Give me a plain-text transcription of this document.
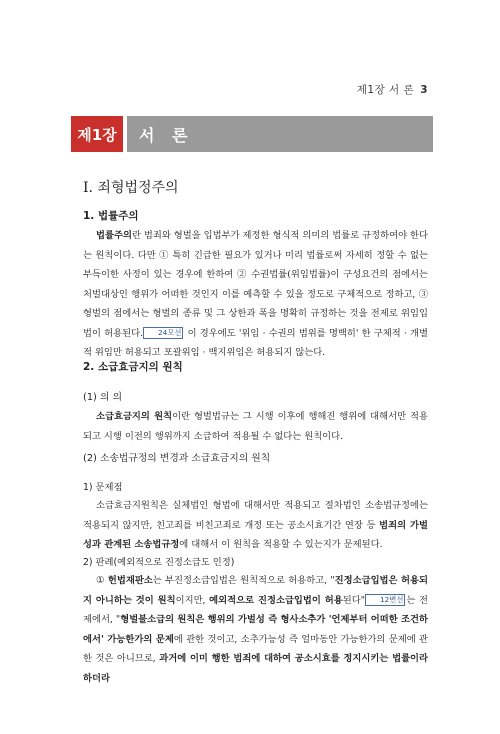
제1장 서 론 3
제1장	서 론
Ⅰ. 죄형법정주의
1. 법률주의

법률주의란 범죄와 형벌을 입법부가 제정한 형식적 의미의 법률로 규정하여야 한다는 원칙이다. 다만 ① 특히 긴급한 필요가 있거나 미리 법률로써 자세히 정할 수 없는 부득이한 사정이 있는 경우에 한하여 ② 수권법률(위임법률)이 구성요건의 점에서는 처벌대상인 행위가 어떠한 것인지 이를 예측할 수 있을 정도로 구체적으로 정하고, ③ 형벌의 점에서는 형벌의 종류 및 그 상한과 폭을 명확히 규정하는 것을 전제로 위임입법이 허용된다. 24모선 이 경우에도 '위임 · 수권의 범위를 명백히' 한 구체적 · 개별적 위임만 허용되고 포괄위임 · 백지위임은 허용되지 않는다.

2. 소급효금지의 원칙
(1) 의 의

소급효금지의 원칙이란 형벌법규는 그 시행 이후에 행해진 행위에 대해서만 적용되고 시행 이전의 행위까지 소급하여 적용될 수 없다는 원칙이다.

(2) 소송법규정의 변경과 소급효금지의 원칙
1) 문제점

소급효금지원칙은 실체법인 형법에 대해서만 적용되고 절차법인 소송법규정에는 적용되지 않지만, 친고죄를 비친고죄로 개정 또는 공소시효기간 연장 등 범죄의 가벌성과 관계된 소송법규정에 대해서 이 원칙을 적용할 수 있는지가 문제된다.

2) 판례(예외적으로 진정소급도 인정)

① 헌법재판소는 부진정소급입법은 원칙적으로 허용하고, "진정소급입법은 허용되지 아니하는 것이 원칙이지만, 예외적으로 진정소급입법이 허용된다" 12변선 는 전제에서, "형벌불소급의 원칙은 행위의 가벌성 즉 형사소추가 '언제부터 어떠한 조건하에서' 가능한가의 문제에 관한 것이고, 소추가능성 즉 얼마동안 가능한가의 문제에 관한 것은 아니므로, 과거에 이미 행한 범죄에 대하여 공소시효를 정지시키는 법률이라 하더라
